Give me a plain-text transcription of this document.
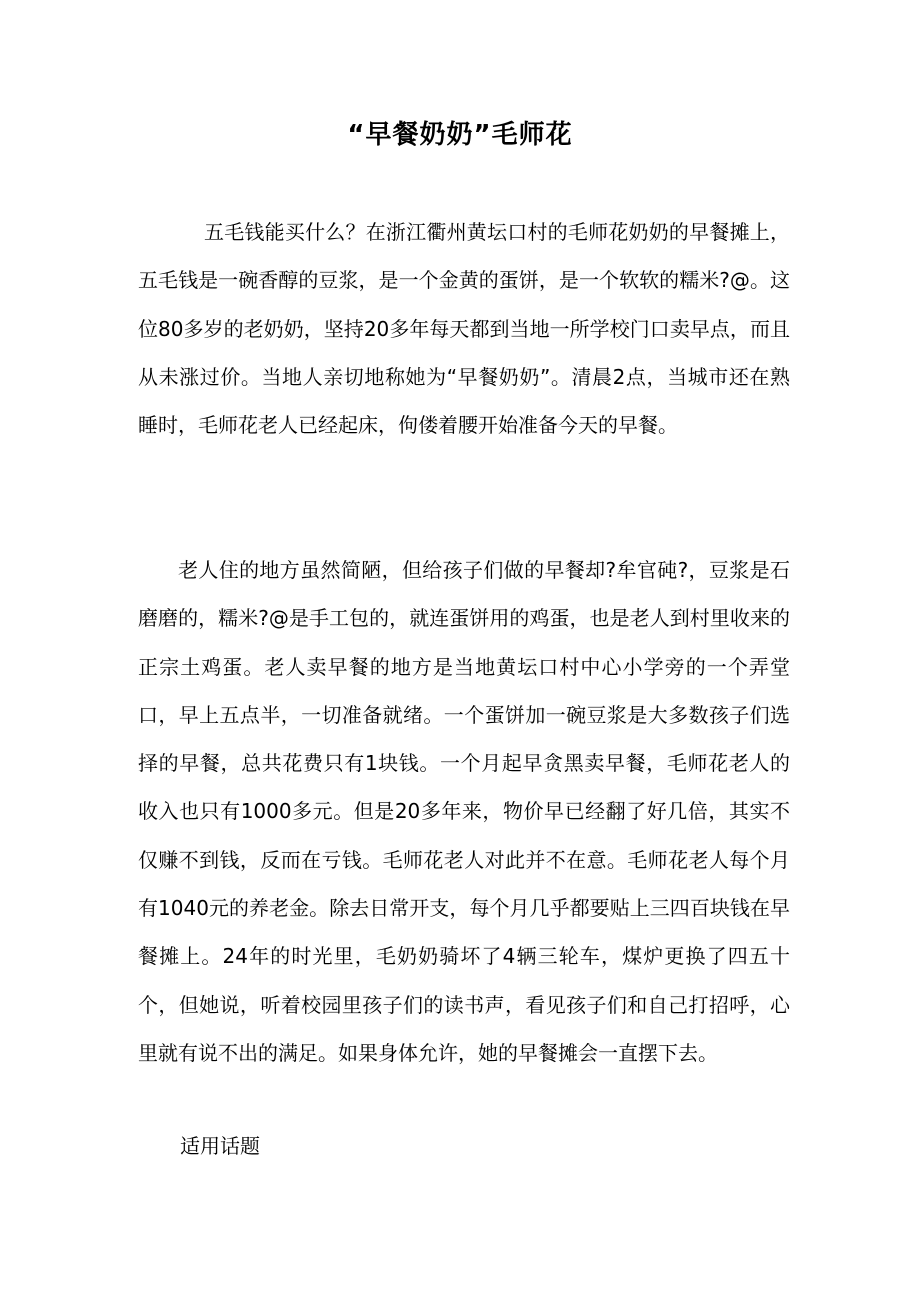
“早餐奶奶”毛师花

五毛钱能买什么？在浙江衢州黄坛口村的毛师花奶奶的早餐摊上，五毛钱是一碗香醇的豆浆，是一个金黄的蛋饼，是一个软软的糯米?@。这位80多岁的老奶奶，坚持20多年每天都到当地一所学校门口卖早点，而且从未涨过价。当地人亲切地称她为“早餐奶奶”。清晨2点，当城市还在熟睡时，毛师花老人已经起床，佝偻着腰开始准备今天的早餐。

老人住的地方虽然简陋，但给孩子们做的早餐却?牟官砘?，豆浆是石磨磨的，糯米?@是手工包的，就连蛋饼用的鸡蛋，也是老人到村里收来的正宗土鸡蛋。老人卖早餐的地方是当地黄坛口村中心小学旁的一个弄堂口，早上五点半，一切准备就绪。一个蛋饼加一碗豆浆是大多数孩子们选择的早餐，总共花费只有1块钱。一个月起早贪黑卖早餐，毛师花老人的收入也只有1000多元。但是20多年来，物价早已经翻了好几倍，其实不仅赚不到钱，反而在亏钱。毛师花老人对此并不在意。毛师花老人每个月有1040元的养老金。除去日常开支，每个月几乎都要贴上三四百块钱在早餐摊上。24年的时光里，毛奶奶骑坏了4辆三轮车，煤炉更换了四五十个，但她说，听着校园里孩子们的读书声，看见孩子们和自己打招呼，心里就有说不出的满足。如果身体允许，她的早餐摊会一直摆下去。

适用话题
